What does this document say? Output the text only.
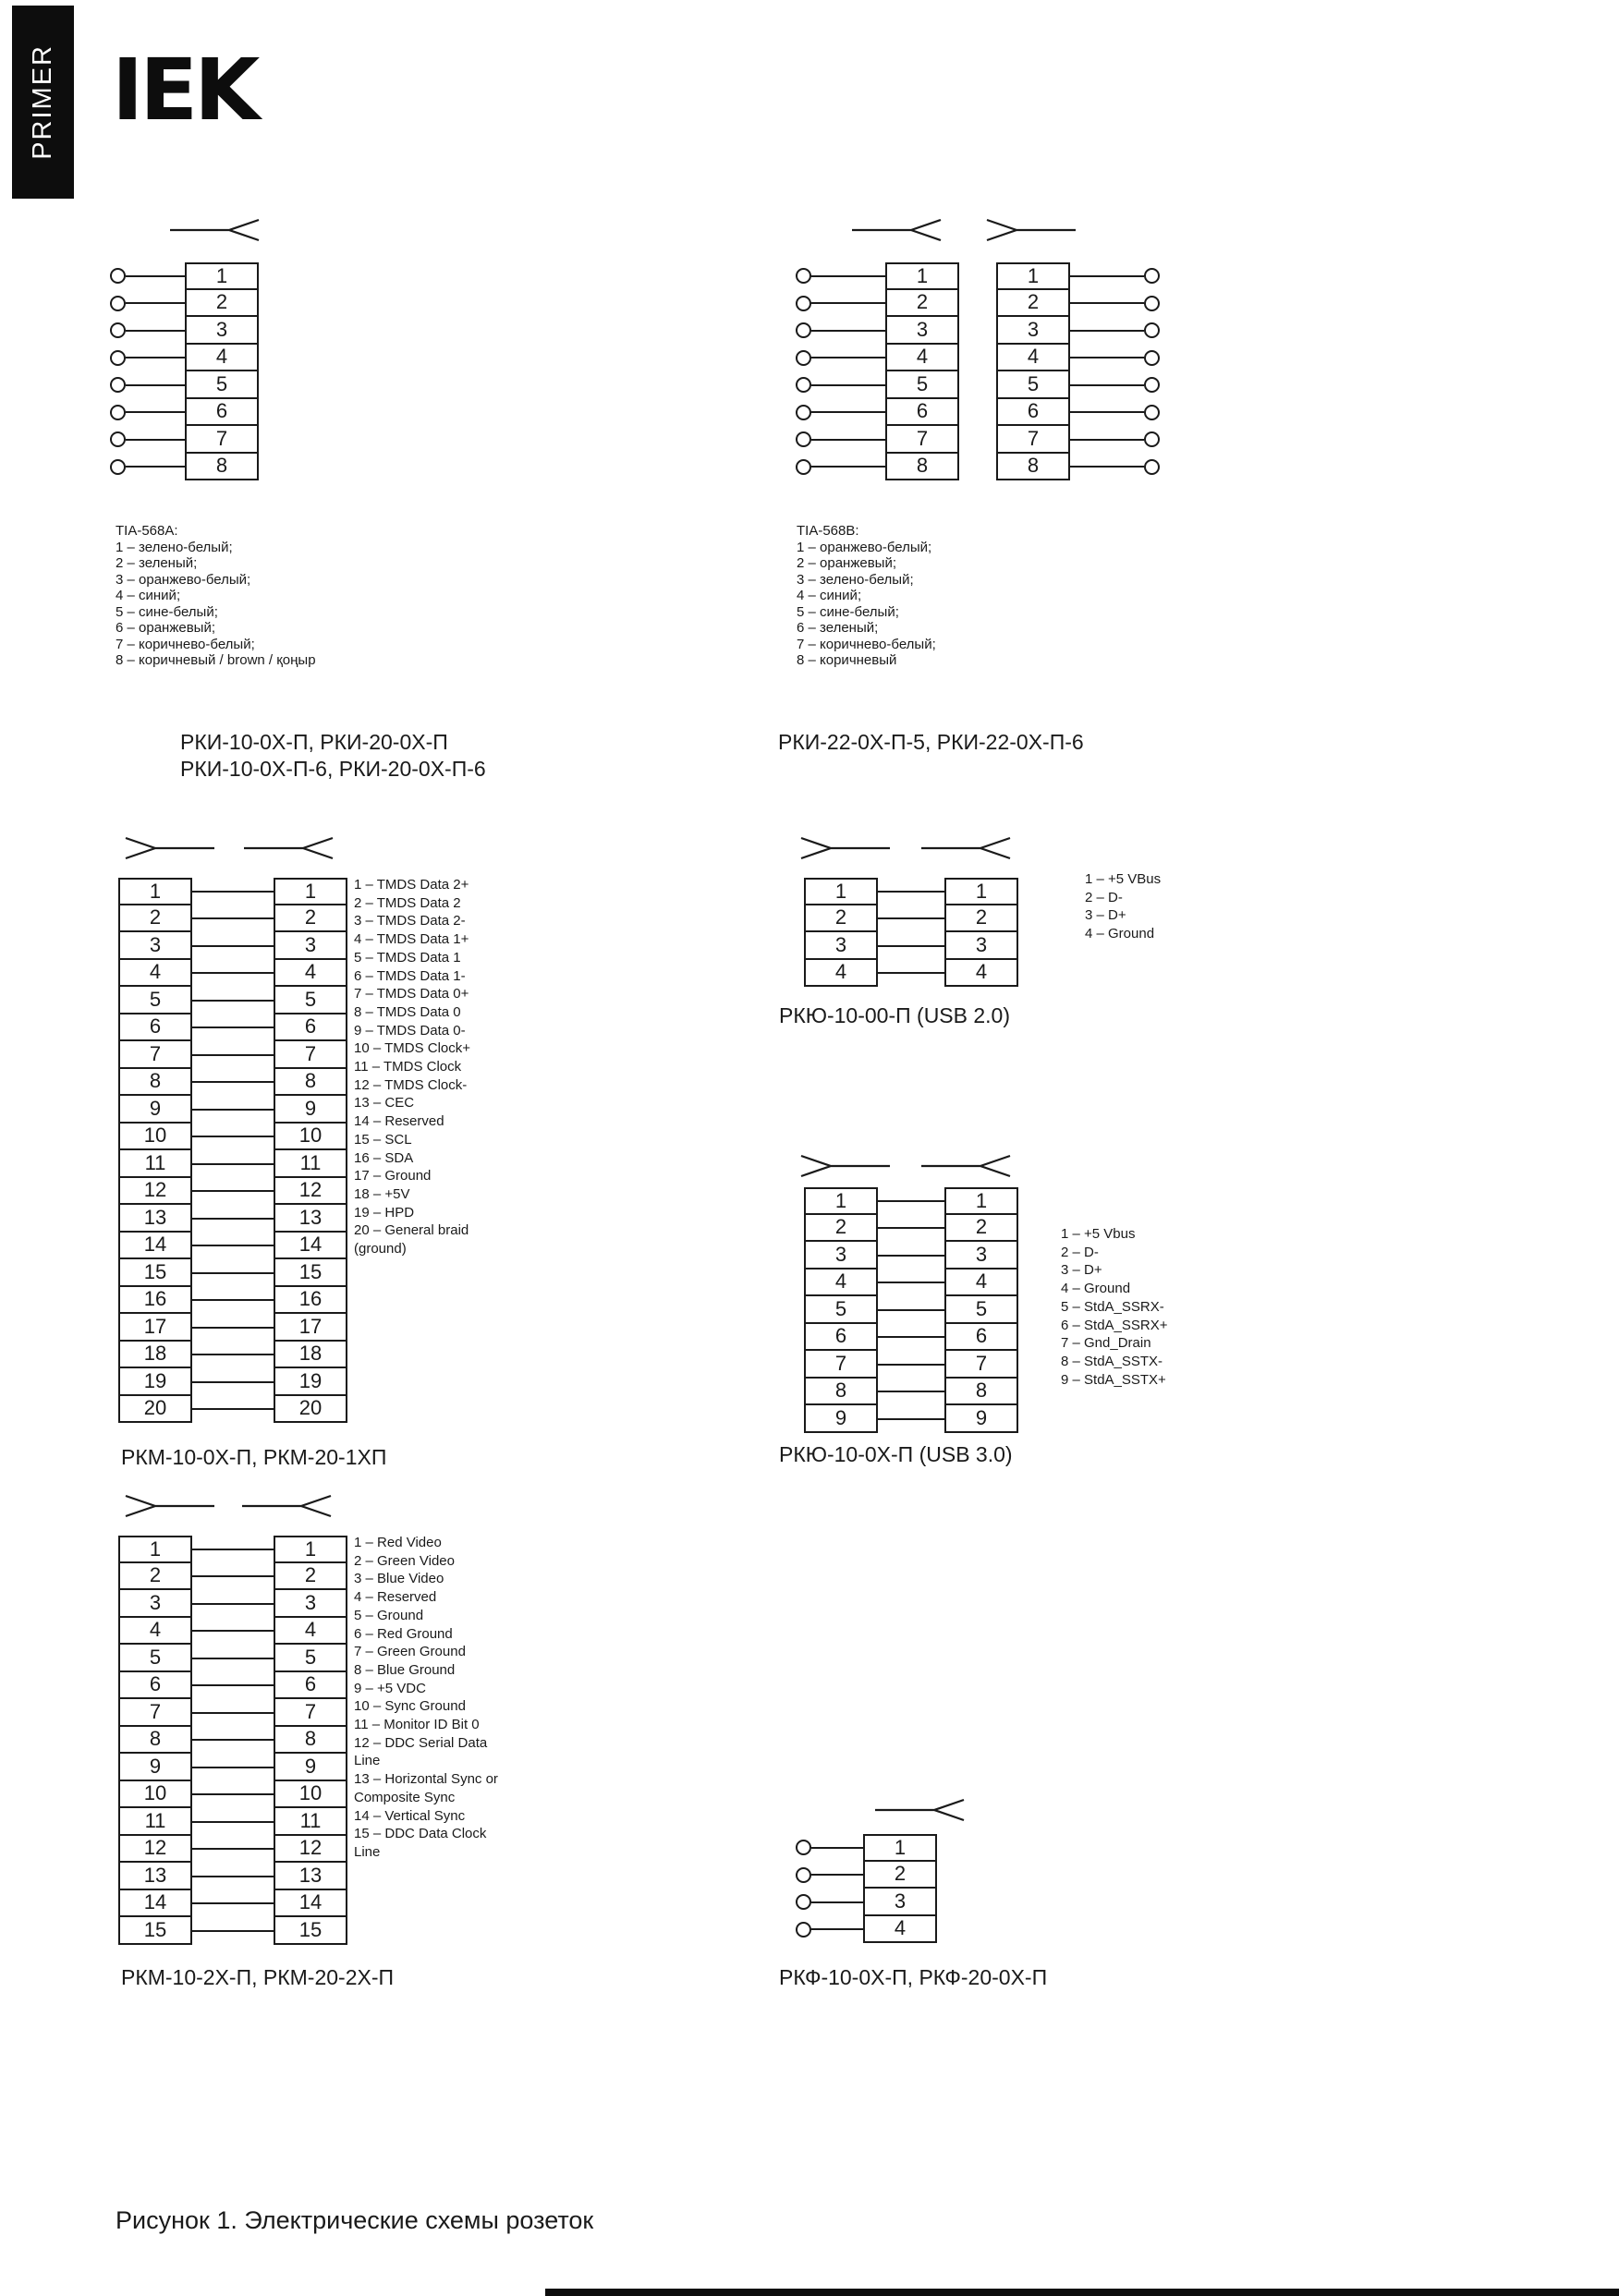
PRIMER IEK
1
2
3
4
5
6
7
8
TIA-568A:
1 – зелено-белый;
2 – зеленый;
3 – оранжево-белый;
4 – синий;
5 – сине-белый;
6 – оранжевый;
7 – коричнево-белый;
8 – коричневый / brown / қоңыр
РКИ-10-0Х-П, РКИ-20-0Х-П
РКИ-10-0Х-П-6, РКИ-20-0Х-П-6
1	1
2	2
3	3
4	4
5	5
6	6
7	7
8	8
TIA-568B:
1 – оранжево-белый;
2 – оранжевый;
3 – зелено-белый;
4 – синий;
5 – сине-белый;
6 – зеленый;
7 – коричнево-белый;
8 – коричневый
РКИ-22-0Х-П-5, РКИ-22-0Х-П-6
1	1
2	2
3	3
4	4
5	5
6	6
7	7
8	8
9	9
10	10
11	11
12	12
13	13
14	14
15	15
16	16
17	17
18	18
19	19
20	20
1 – TMDS Data 2+
2 – TMDS Data 2
3 – TMDS Data 2-
4 – TMDS Data 1+
5 – TMDS Data 1
6 – TMDS Data 1-
7 – TMDS Data 0+
8 – TMDS Data 0
9 – TMDS Data 0-
10 – TMDS Clock+
11 – TMDS Clock
12 – TMDS Clock-
13 – CEC
14 – Reserved
15 – SCL
16 – SDA
17 – Ground
18 – +5V
19 – HPD
20 – General braid
(ground)
РКМ-10-0Х-П, РКМ-20-1ХП
1	1
2	2
3	3
4	4
1 – +5 VBus
2 – D-
3 – D+
4 – Ground
РКЮ-10-00-П (USB 2.0)
1	1
2	2
3	3
4	4
5	5
6	6
7	7
8	8
9	9
1 – +5 Vbus
2 – D-
3 – D+
4 – Ground
5 – StdA_SSRX-
6 – StdA_SSRX+
7 – Gnd_Drain
8 – StdA_SSTX-
9 – StdA_SSTX+
РКЮ-10-0Х-П (USB 3.0)
1	1
2	2
3	3
4	4
5	5
6	6
7	7
8	8
9	9
10	10
11	11
12	12
13	13
14	14
15	15
1 – Red Video
2 – Green Video
3 – Blue Video
4 – Reserved
5 – Ground
6 – Red Ground
7 – Green Ground
8 – Blue Ground
9 – +5 VDC
10 – Sync Ground
11 – Monitor ID Bit 0
12 – DDC Serial Data
Line
13 – Horizontal Sync or
Composite Sync
14 – Vertical Sync
15 – DDC Data Clock
Line
РКМ-10-2Х-П, РКМ-20-2Х-П
1
2
3
4
РКФ-10-0Х-П, РКФ-20-0Х-П
Рисунок 1. Электрические схемы розеток
